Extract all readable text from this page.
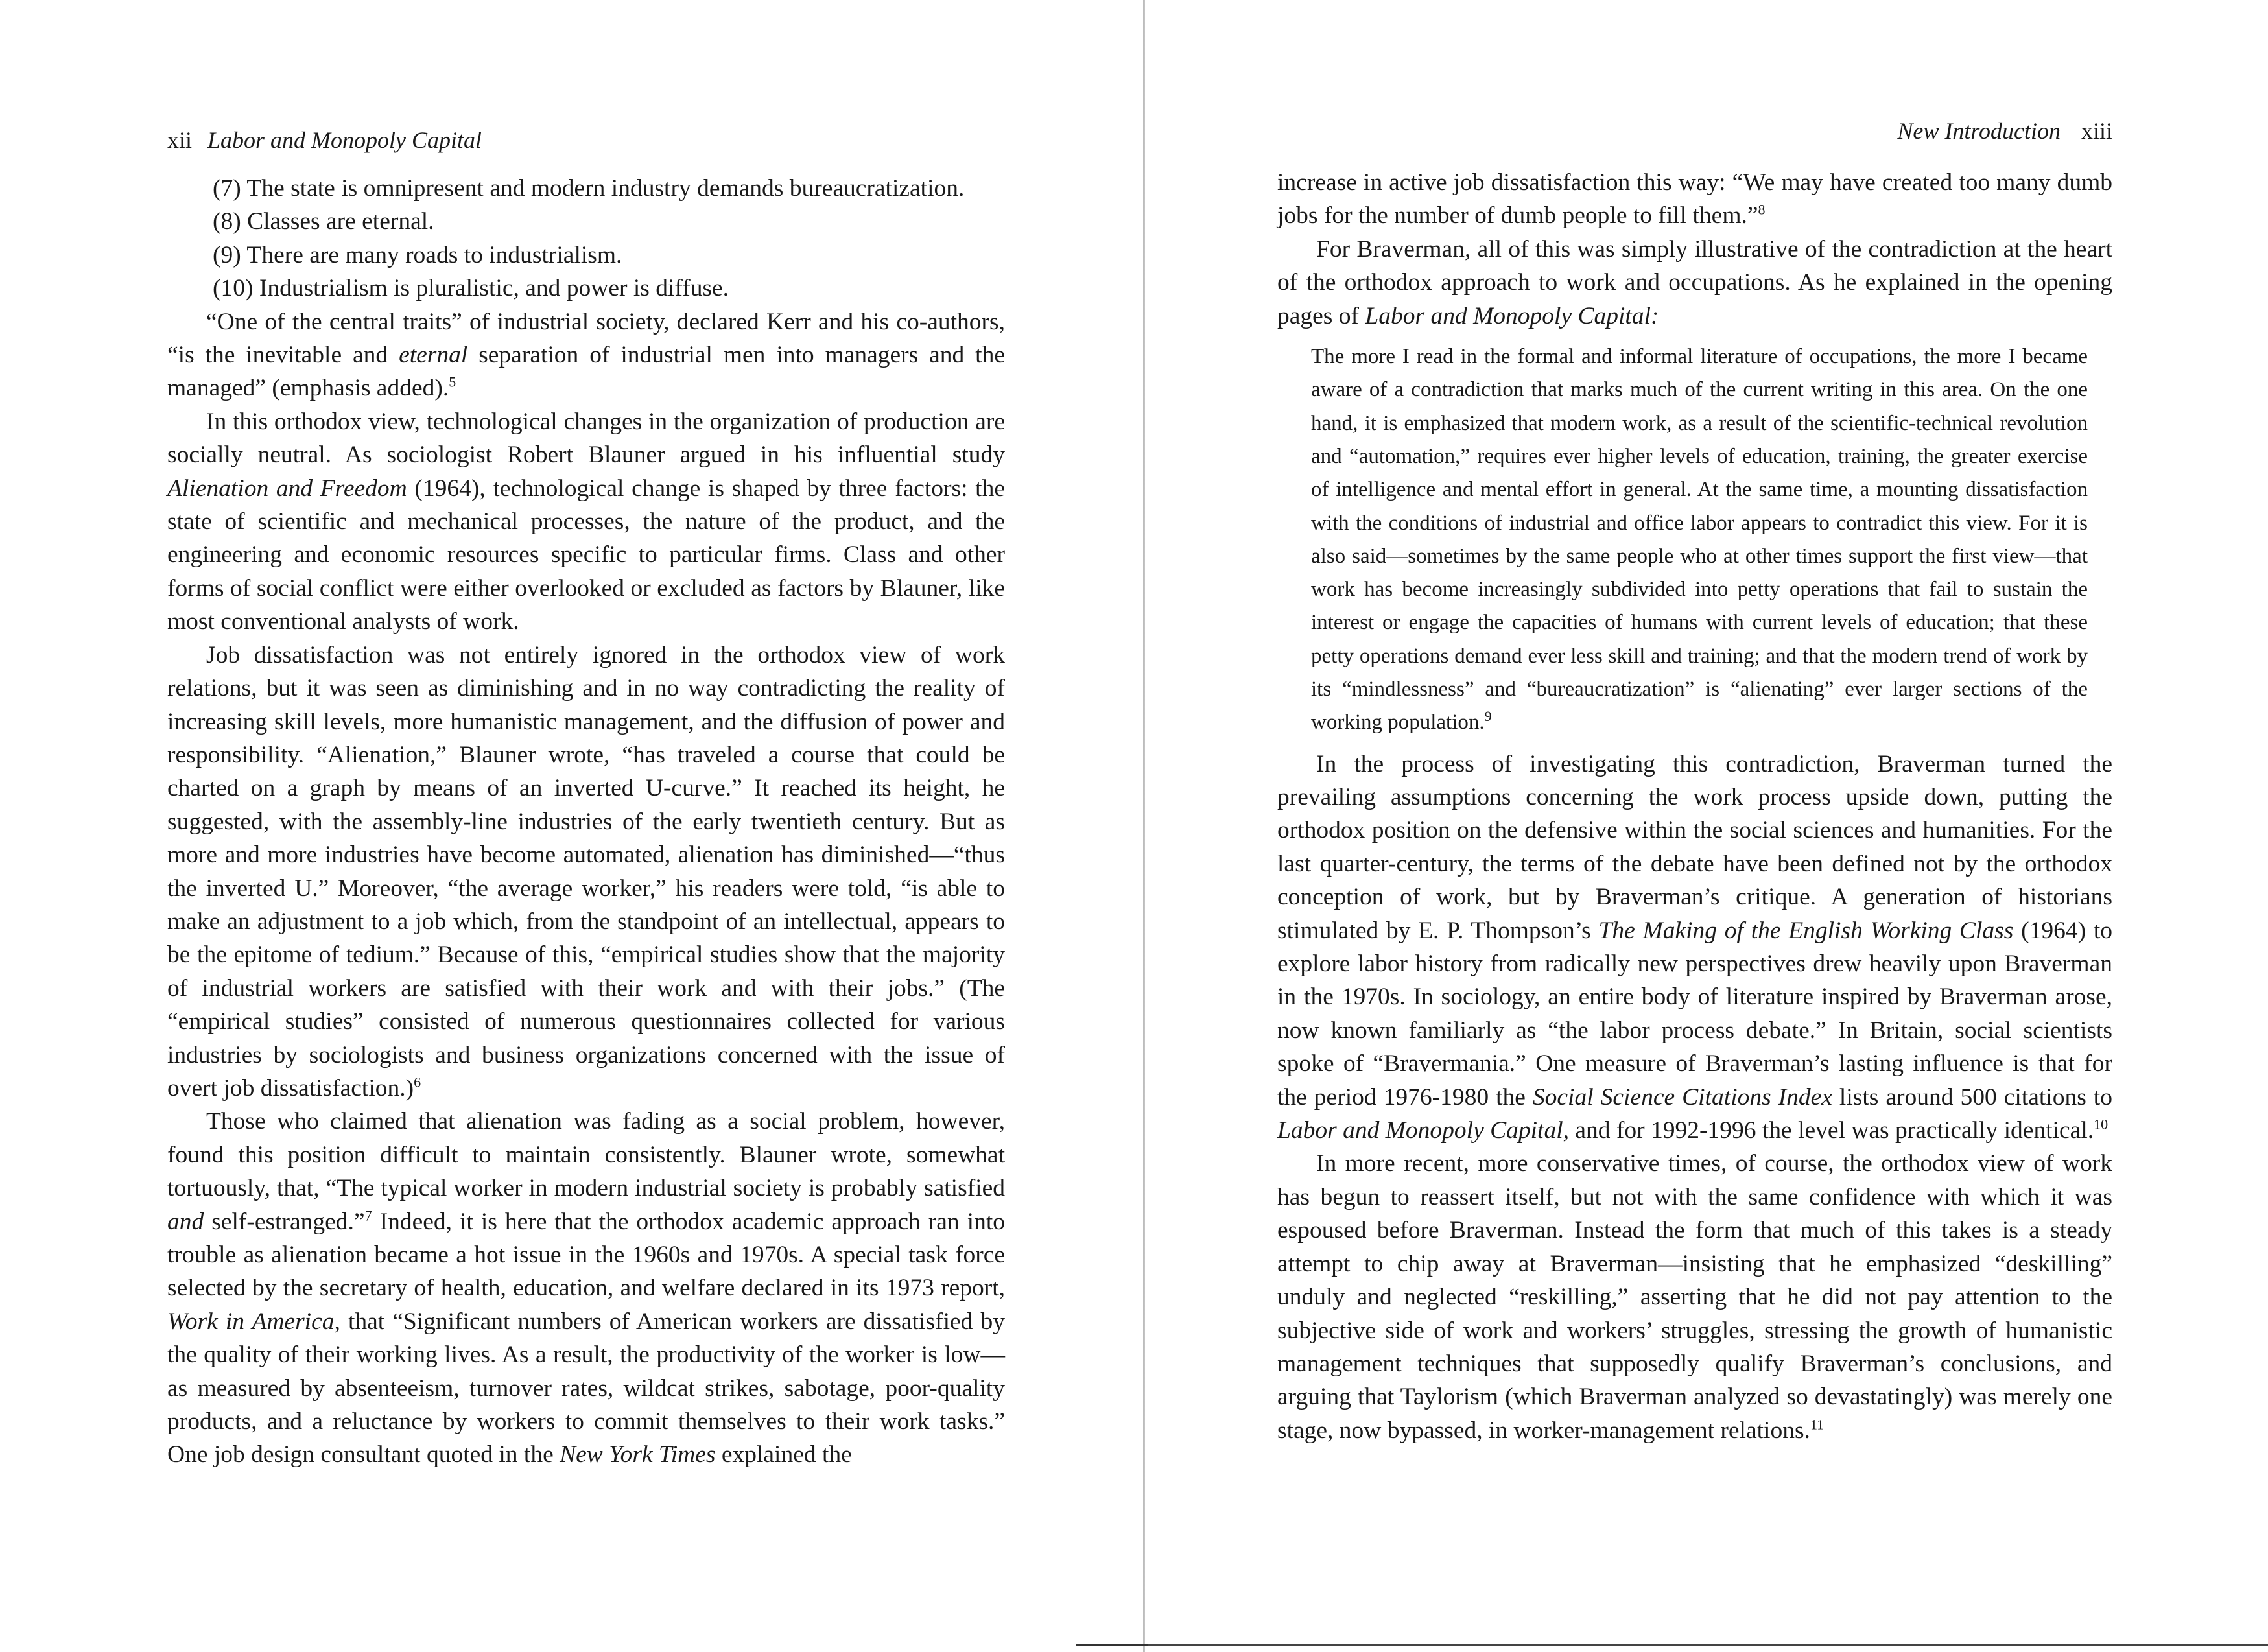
xii Labor and Monopoly Capital

(7) The state is omnipresent and modern industry demands bureaucratization.

(8) Classes are eternal.

(9) There are many roads to industrialism.

(10) Industrialism is pluralistic, and power is diffuse.

“One of the central traits” of industrial society, declared Kerr and his co-authors, “is the inevitable and eternal separation of industrial men into managers and the managed” (emphasis added).$^5$

In this orthodox view, technological changes in the organization of production are socially neutral. As sociologist Robert Blauner argued in his influential study Alienation and Freedom (1964), technological change is shaped by three factors: the state of scientific and mechanical processes, the nature of the product, and the engineering and economic resources specific to particular firms. Class and other forms of social conflict were either overlooked or excluded as factors by Blauner, like most conventional analysts of work.

Job dissatisfaction was not entirely ignored in the orthodox view of work relations, but it was seen as diminishing and in no way contradicting the reality of increasing skill levels, more humanistic management, and the diffusion of power and responsibility. “Alienation,” Blauner wrote, “has traveled a course that could be charted on a graph by means of an inverted U-curve.” It reached its height, he suggested, with the assembly-line industries of the early twentieth century. But as more and more industries have become automated, alienation has diminished—“thus the inverted U.” Moreover, “the average worker,” his readers were told, “is able to make an adjustment to a job which, from the standpoint of an intellectual, appears to be the epitome of tedium.” Because of this, “empirical studies show that the majority of industrial workers are satisfied with their work and with their jobs.” (The “empirical studies” consisted of numerous questionnaires collected for various industries by sociologists and business organizations concerned with the issue of overt job dissatisfaction.)$^6$

Those who claimed that alienation was fading as a social problem, however, found this position difficult to maintain consistently. Blauner wrote, somewhat tortuously, that, “The typical worker in modern industrial society is probably satisfied and self-estranged.”$^7$ Indeed, it is here that the orthodox academic approach ran into trouble as alienation became a hot issue in the 1960s and 1970s. A special task force selected by the secretary of health, education, and welfare declared in its 1973 report, Work in America, that “Significant numbers of American workers are dissatisfied by the quality of their working lives. As a result, the productivity of the worker is low—as measured by absenteeism, turnover rates, wildcat strikes, sabotage, poor-quality products, and a reluctance by workers to commit themselves to their work tasks.” One job design consultant quoted in the New York Times explained the

New Introduction xiii

increase in active job dissatisfaction this way: “We may have created too many dumb jobs for the number of dumb people to fill them.”$^8$

For Braverman, all of this was simply illustrative of the contradiction at the heart of the orthodox approach to work and occupations. As he explained in the opening pages of Labor and Monopoly Capital:

The more I read in the formal and informal literature of occupations, the more I became aware of a contradiction that marks much of the current writing in this area. On the one hand, it is emphasized that modern work, as a result of the scientific-technical revolution and “automation,” requires ever higher levels of education, training, the greater exercise of intelligence and mental effort in general. At the same time, a mounting dissatisfaction with the conditions of industrial and office labor appears to contradict this view. For it is also said—sometimes by the same people who at other times support the first view—that work has become increasingly subdivided into petty operations that fail to sustain the interest or engage the capacities of humans with current levels of education; that these petty operations demand ever less skill and training; and that the modern trend of work by its “mindlessness” and “bureaucratization” is “alienating” ever larger sections of the working population.$^9$

In the process of investigating this contradiction, Braverman turned the prevailing assumptions concerning the work process upside down, putting the orthodox position on the defensive within the social sciences and humanities. For the last quarter-century, the terms of the debate have been defined not by the orthodox conception of work, but by Braverman’s critique. A generation of historians stimulated by E. P. Thompson’s The Making of the English Working Class (1964) to explore labor history from radically new perspectives drew heavily upon Braverman in the 1970s. In sociology, an entire body of literature inspired by Braverman arose, now known familiarly as “the labor process debate.” In Britain, social scientists spoke of “Bravermania.” One measure of Braverman’s lasting influence is that for the period 1976-1980 the Social Science Citations Index lists around 500 citations to Labor and Monopoly Capital, and for 1992-1996 the level was practically identical.$^{10}$

In more recent, more conservative times, of course, the orthodox view of work has begun to reassert itself, but not with the same confidence with which it was espoused before Braverman. Instead the form that much of this takes is a steady attempt to chip away at Braverman—insisting that he emphasized “deskilling” unduly and neglected “reskilling,” asserting that he did not pay attention to the subjective side of work and workers’ struggles, stressing the growth of humanistic management techniques that supposedly qualify Braverman’s conclusions, and arguing that Taylorism (which Braverman analyzed so devastatingly) was merely one stage, now bypassed, in worker-management relations.$^{11}$
